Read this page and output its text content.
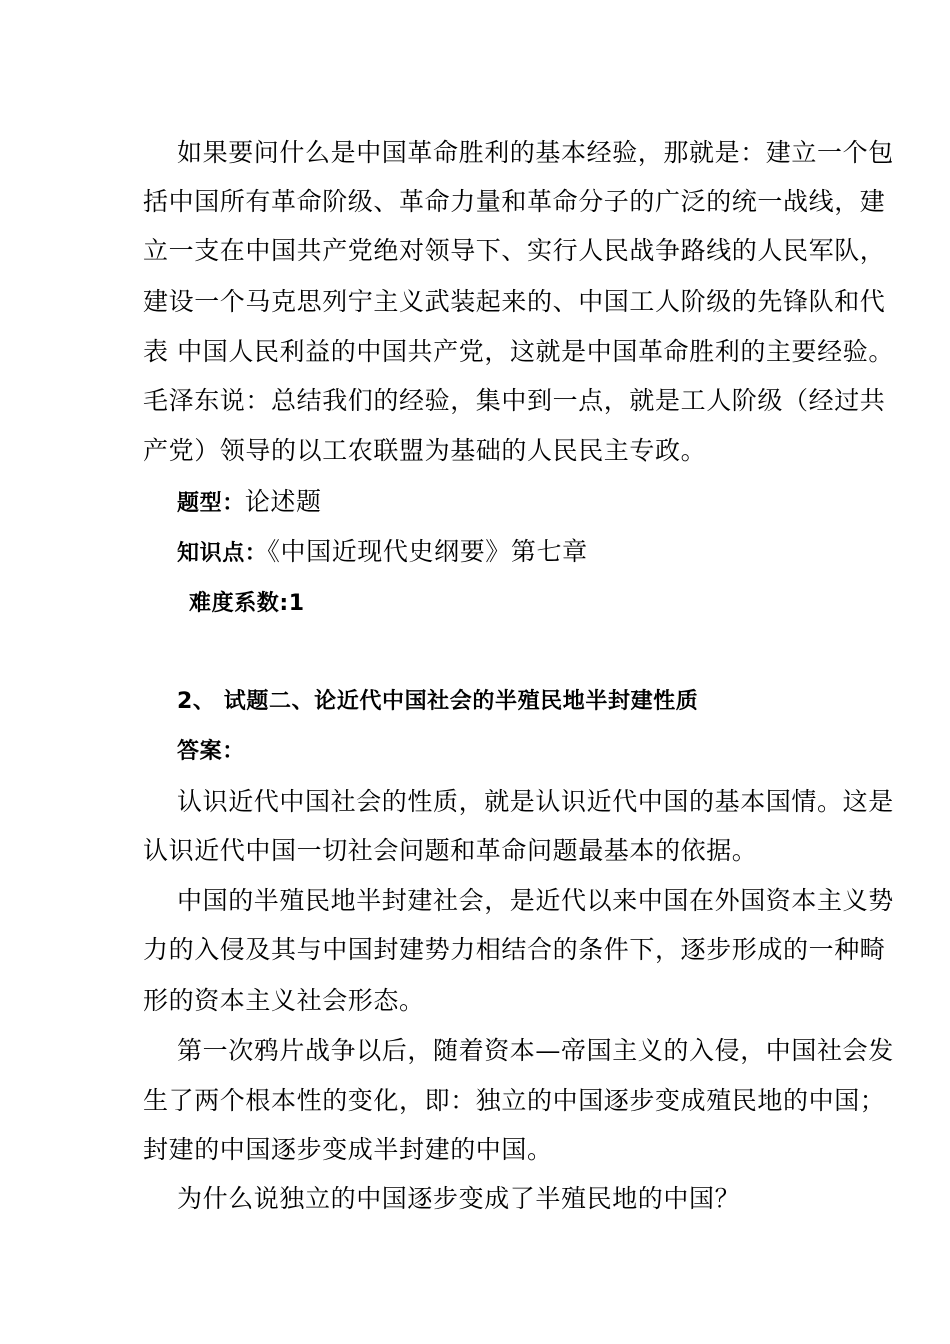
如果要问什么是中国革命胜利的基本经验，那就是：建立一个包
括中国所有革命阶级、革命力量和革命分子的广泛的统一战线，建
立一支在中国共产党绝对领导下、实行人民战争路线的人民军队，
建设一个马克思列宁主义武装起来的、中国工人阶级的先锋队和代
表 中国人民利益的中国共产党，这就是中国革命胜利的主要经验。
毛泽东说：总结我们的经验，集中到一点，就是工人阶级（经过共
产党）领导的以工农联盟为基础的人民民主专政。
题型：论述题
知识点：《中国近现代史纲要》第七章
难度系数:1
2、 试题二、论近代中国社会的半殖民地半封建性质
答案：
认识近代中国社会的性质，就是认识近代中国的基本国情。这是
认识近代中国一切社会问题和革命问题最基本的依据。
中国的半殖民地半封建社会，是近代以来中国在外国资本主义势
力的入侵及其与中国封建势力相结合的条件下，逐步形成的一种畸
形的资本主义社会形态。
第一次鸦片战争以后，随着资本—帝国主义的入侵，中国社会发
生了两个根本性的变化，即：独立的中国逐步变成殖民地的中国；
封建的中国逐步变成半封建的中国。
为什么说独立的中国逐步变成了半殖民地的中国？
